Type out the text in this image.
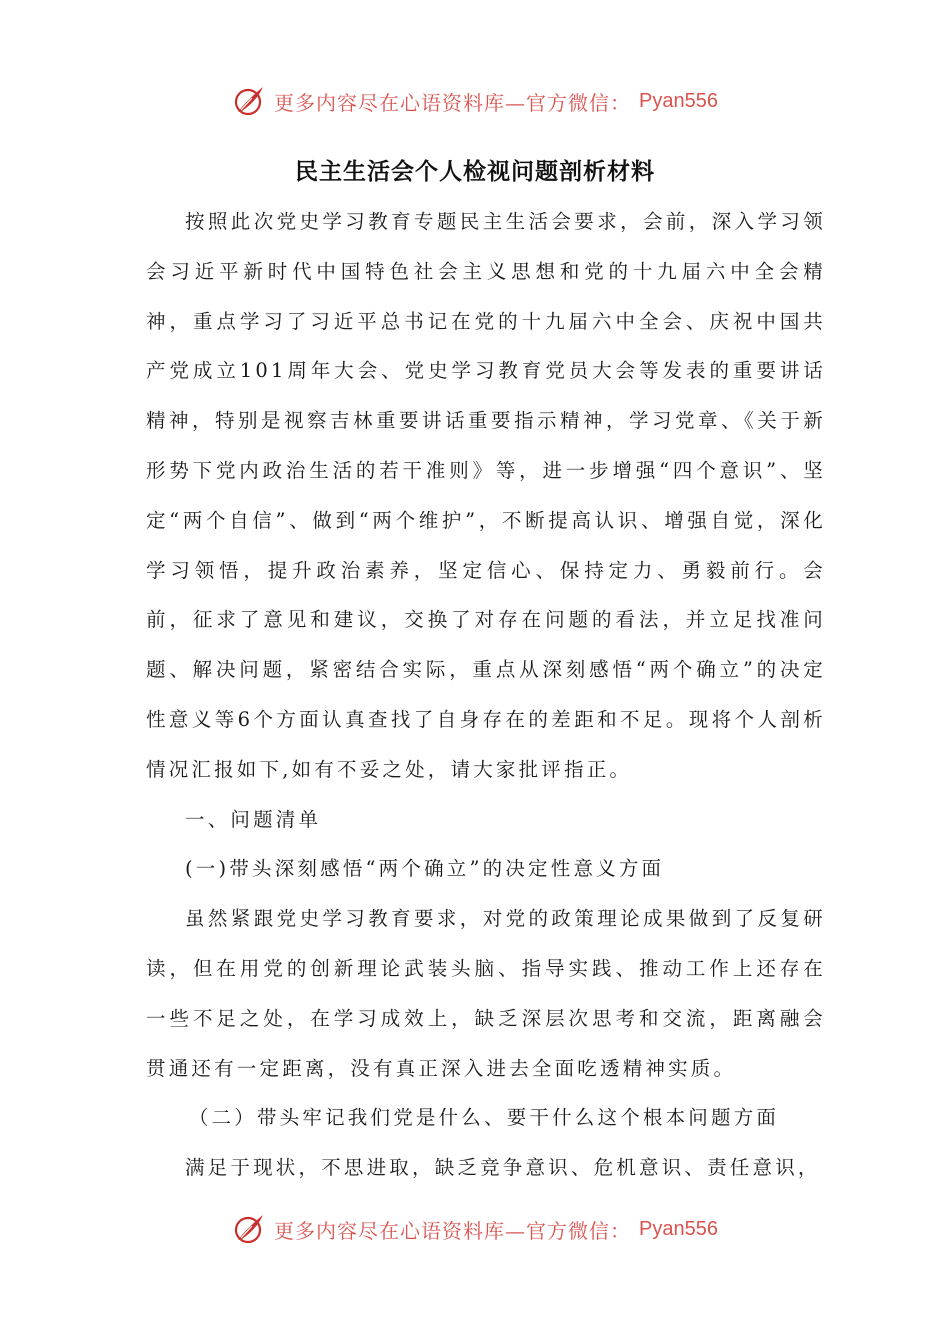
更多内容尽在心语资料库—官方微信： Pyan556
民主生活会个人检视问题剖析材料

按照此次党史学习教育专题民主生活会要求，会前，深入学习领会习近平新时代中国特色社会主义思想和党的十九届六中全会精神，重点学习了习近平总书记在党的十九届六中全会、庆祝中国共产党成立101周年大会、党史学习教育党员大会等发表的重要讲话精神，特别是视察吉林重要讲话重要指示精神，学习党章、《关于新形势下党内政治生活的若干准则》等，进一步增强“四个意识”、坚定“两个自信”、做到“两个维护”，不断提高认识、增强自觉，深化学习领悟，提升政治素养，坚定信心、保持定力、勇毅前行。会前，征求了意见和建议，交换了对存在问题的看法，并立足找准问题、解决问题，紧密结合实际，重点从深刻感悟“两个确立”的决定性意义等6个方面认真查找了自身存在的差距和不足。现将个人剖析情况汇报如下,如有不妥之处，请大家批评指正。

一、问题清单

(一)带头深刻感悟“两个确立”的决定性意义方面

虽然紧跟党史学习教育要求，对党的政策理论成果做到了反复研读，但在用党的创新理论武装头脑、指导实践、推动工作上还存在一些不足之处，在学习成效上，缺乏深层次思考和交流，距离融会贯通还有一定距离，没有真正深入进去全面吃透精神实质。

（二）带头牢记我们党是什么、要干什么这个根本问题方面

满足于现状，不思进取，缺乏竞争意识、危机意识、责任意识，

更多内容尽在心语资料库—官方微信： Pyan556
